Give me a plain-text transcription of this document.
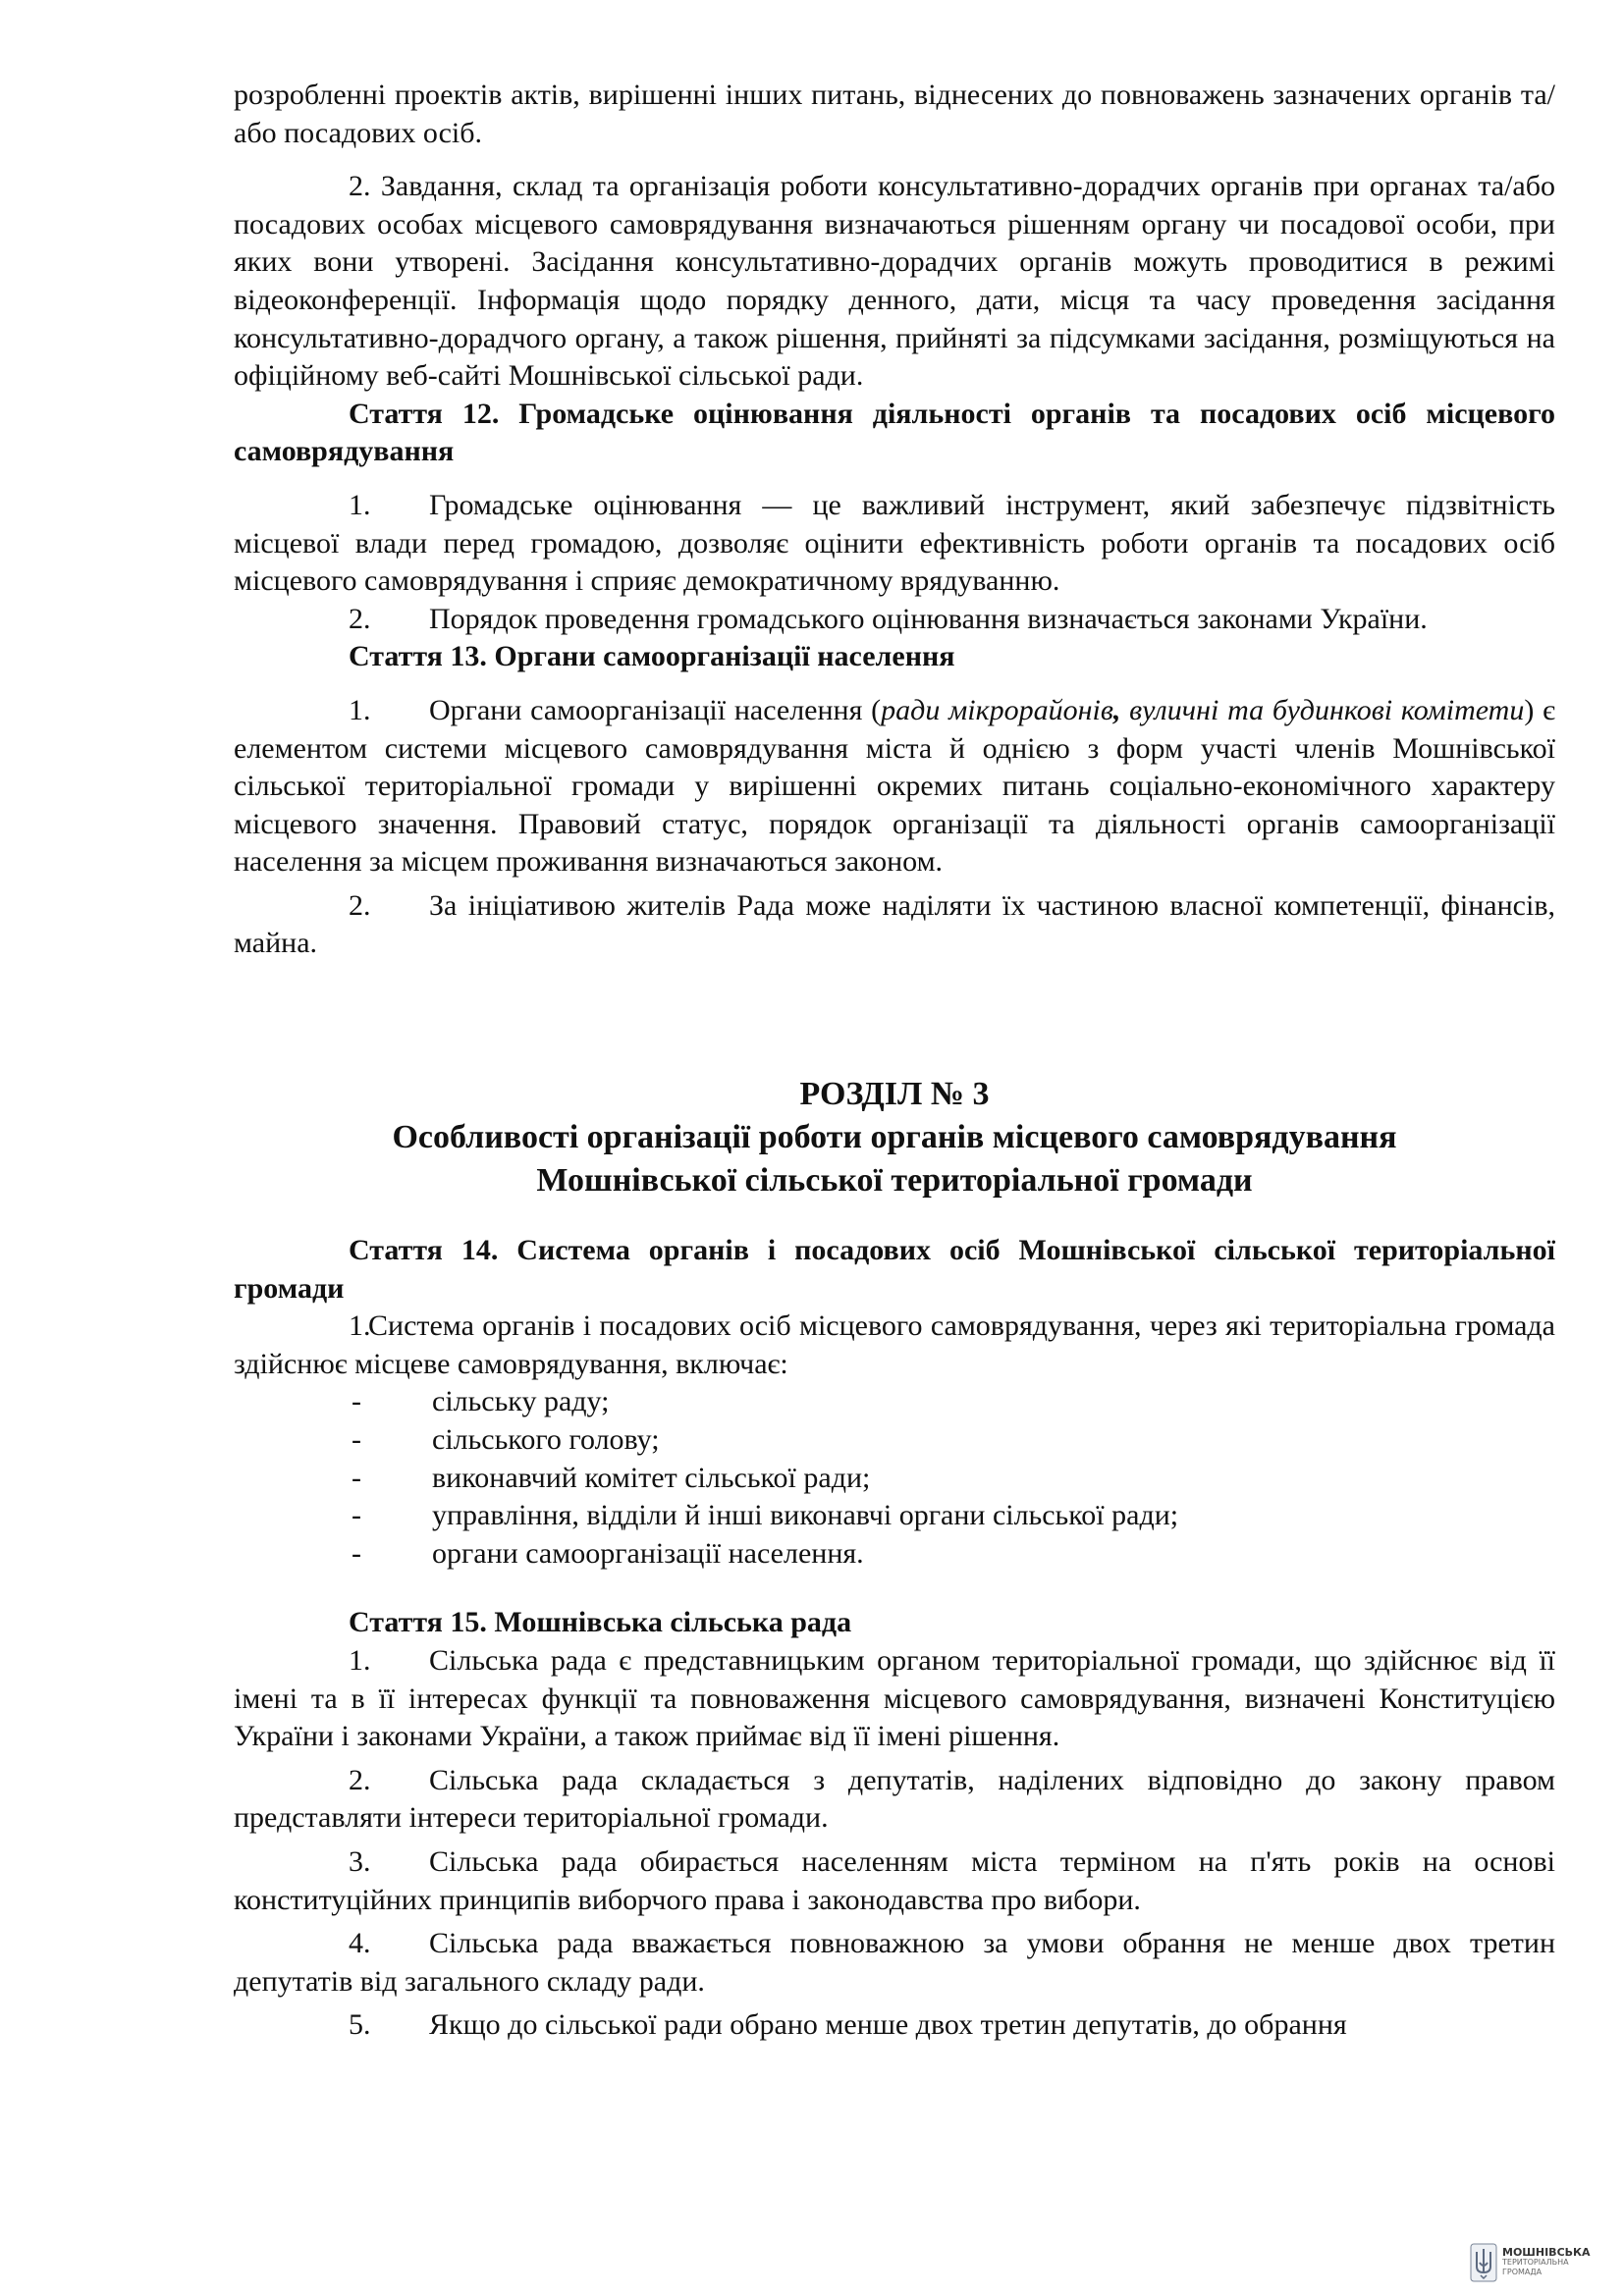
розробленні проектів актів, вирішенні інших питань, віднесених до повноважень зазначених органів та/або посадових осіб.

2. Завдання, склад та організація роботи консультативно-дорадчих органів при органах та/або посадових особах місцевого самоврядування визначаються рішенням органу чи посадової особи, при яких вони утворені. Засідання консультативно-дорадчих органів можуть проводитися в режимі відеоконференції. Інформація щодо порядку денного, дати, місця та часу проведення засідання консультативно-дорадчого органу, а також рішення, прийняті за підсумками засідання, розміщуються на офіційному веб-сайті Мошнівської сільської ради.

Стаття 12. Громадське оцінювання діяльності органів та посадових осіб місцевого самоврядування

1. Громадське оцінювання — це важливий інструмент, який забезпечує підзвітність місцевої влади перед громадою, дозволяє оцінити ефективність роботи органів та посадових осіб місцевого самоврядування і сприяє демократичному врядуванню.

2. Порядок проведення громадського оцінювання визначається законами України.

Стаття 13. Органи самоорганізації населення

1. Органи самоорганізації населення (ради мікрорайонів, вуличні та будинкові комітети) є елементом системи місцевого самоврядування міста й однією з форм участі членів Мошнівської сільської територіальної громади у вирішенні окремих питань соціально-економічного характеру місцевого значення. Правовий статус, порядок організації та діяльності органів самоорганізації населення за місцем проживання визначаються законом.

2. За ініціативою жителів Рада може наділяти їх частиною власної компетенції, фінансів, майна.

РОЗДІЛ № 3

Особливості організації роботи органів місцевого самоврядування

Мошнівської сільської територіальної громади

Стаття 14. Система органів і посадових осіб Мошнівської сільської територіальної громади

1.Система органів і посадових осіб місцевого самоврядування, через які територіальна громада здійснює місцеве самоврядування, включає:

- сільську раду;
- сільського голову;
- виконавчий комітет сільської ради;
- управління, відділи й інші виконавчі органи сільської ради;
- органи самоорганізації населення.

Стаття 15. Мошнівська сільська рада

1. Сільська рада є представницьким органом територіальної громади, що здійснює від її імені та в її інтересах функції та повноваження місцевого самоврядування, визначені Конституцією України і законами України, а також приймає від її імені рішення.

2. Сільська рада складається з депутатів, наділених відповідно до закону правом представляти інтереси територіальної громади.

3. Сільська рада обирається населенням міста терміном на п'ять років на основі конституційних принципів виборчого права і законодавства про вибори.

4. Сільська рада вважається повноважною за умови обрання не менше двох третин депутатів від загального складу ради.

5. Якщо до сільської ради обрано менше двох третин депутатів, до обрання

МОШНІВСЬКА
ТЕРИТОРІАЛЬНА
ГРОМАДА
